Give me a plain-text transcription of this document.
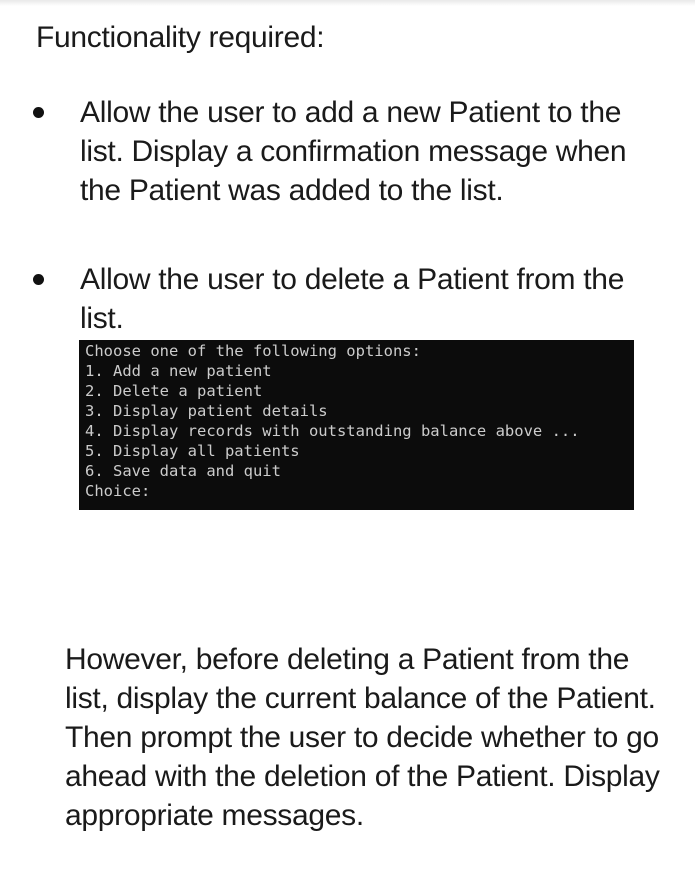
Functionality required:
Allow the user to add a new Patient to the list. Display a confirmation message when the Patient was added to the list.
Allow the user to delete a Patient from the list.
Choose one of the following options:
1. Add a new patient
2. Delete a patient
3. Display patient details
4. Display records with outstanding balance above ...
5. Display all patients
6. Save data and quit
Choice:

However, before deleting a Patient from the list, display the current balance of the Patient. Then prompt the user to decide whether to go ahead with the deletion of the Patient. Display appropriate messages.
